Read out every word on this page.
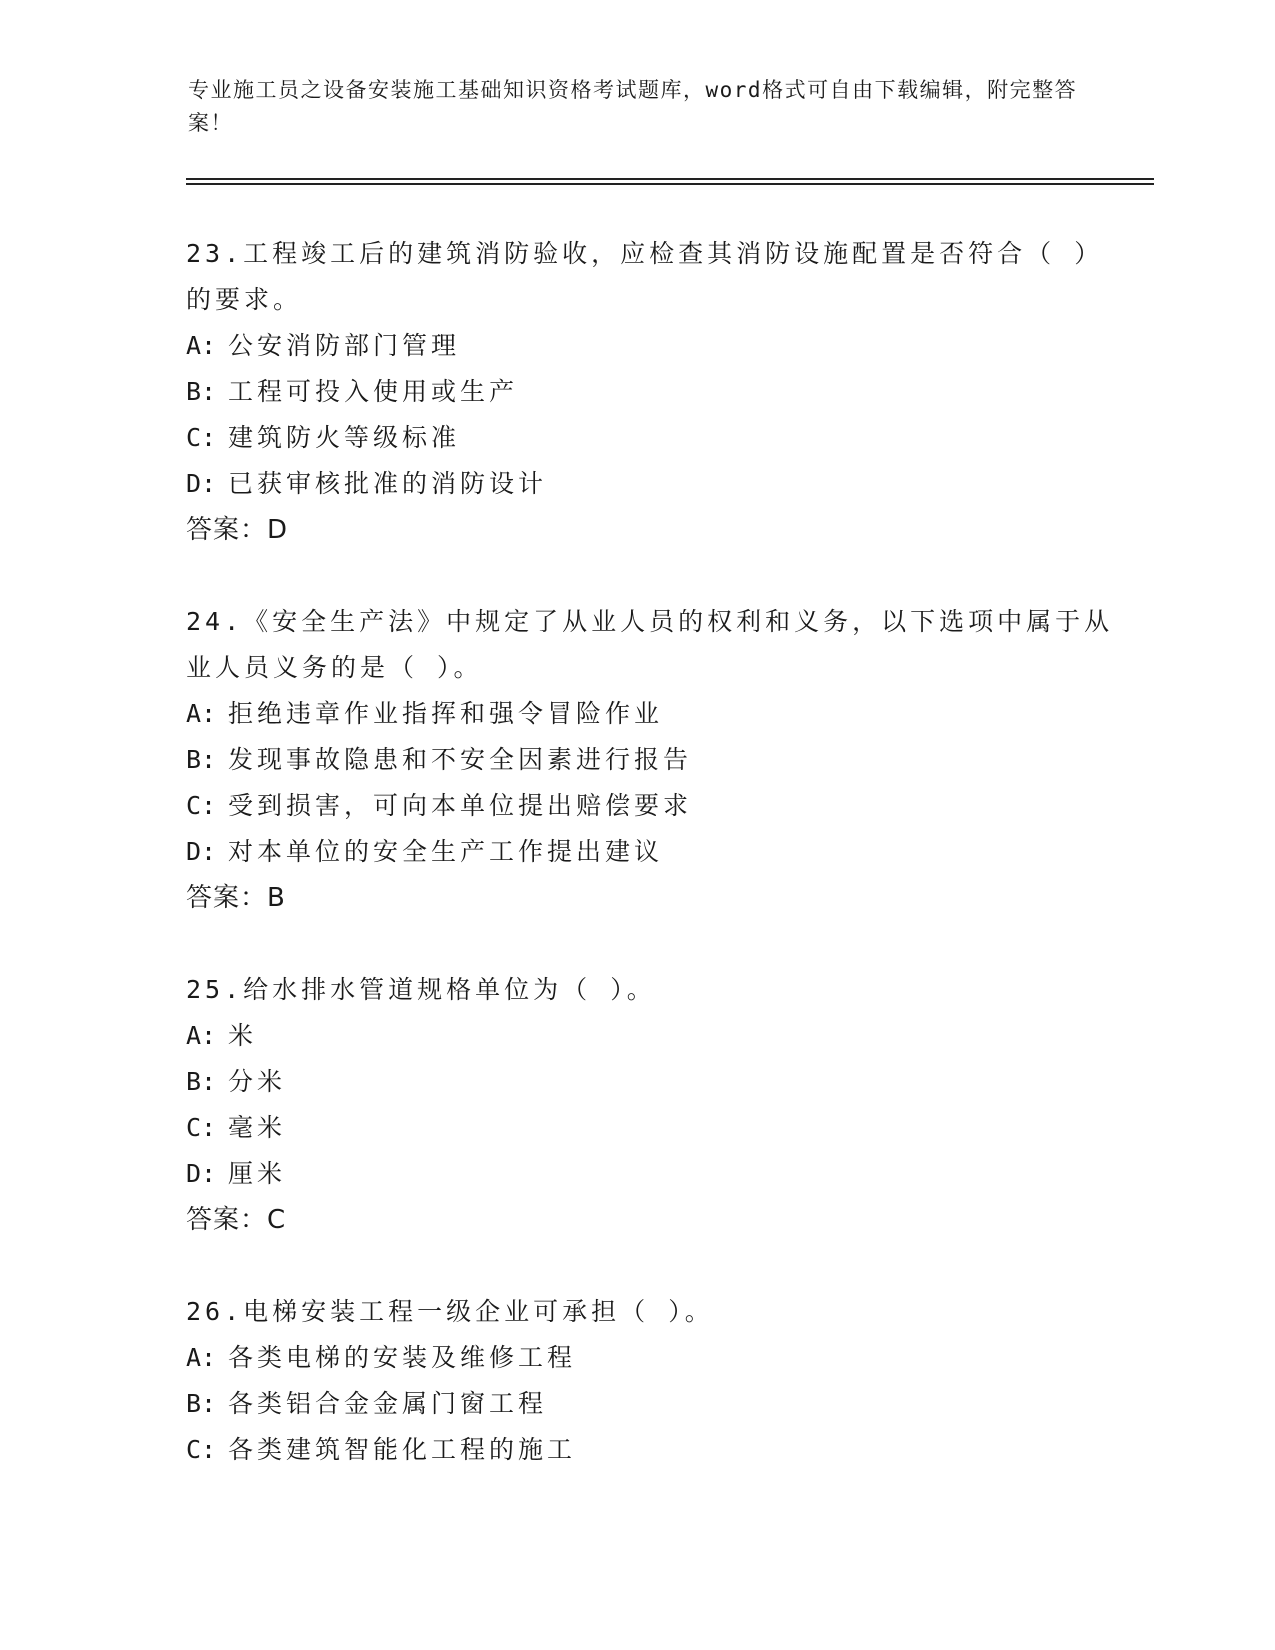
专业施工员之设备安装施工基础知识资格考试题库，word格式可自由下载编辑，附完整答案！
23.工程竣工后的建筑消防验收，应检查其消防设施配置是否符合（ ）的要求。
A: 公安消防部门管理
B: 工程可投入使用或生产
C: 建筑防火等级标准
D: 已获审核批准的消防设计
答案：D
24.《安全生产法》中规定了从业人员的权利和义务，以下选项中属于从业人员义务的是（ ）。
A: 拒绝违章作业指挥和强令冒险作业
B: 发现事故隐患和不安全因素进行报告
C: 受到损害，可向本单位提出赔偿要求
D: 对本单位的安全生产工作提出建议
答案：B
25.给水排水管道规格单位为（ ）。
A: 米
B: 分米
C: 毫米
D: 厘米
答案：C
26.电梯安装工程一级企业可承担（ ）。
A: 各类电梯的安装及维修工程
B: 各类铝合金金属门窗工程
C: 各类建筑智能化工程的施工
